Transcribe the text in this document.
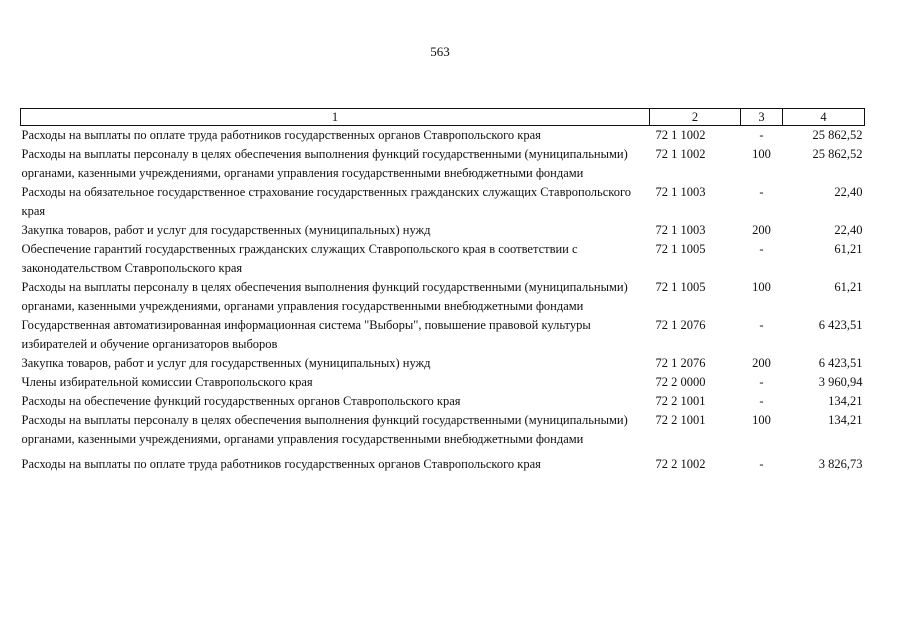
563
1	2	3	4
Расходы на выплаты по оплате труда работников государственных органов Ставропольского края	72 1 1002	-	25 862,52
Расходы на выплаты персоналу в целях обеспечения выполнения функций государственными (муниципальными) органами, казенными учреждениями, органами управления государственными внебюджетными фондами	72 1 1002	100	25 862,52
Расходы на обязательное государственное страхование государственных гражданских служащих Ставропольского края	72 1 1003	-	22,40
Закупка товаров, работ и услуг для государственных (муниципальных) нужд	72 1 1003	200	22,40
Обеспечение гарантий государственных гражданских служащих Ставропольского края в соответствии с законодательством Ставропольского края	72 1 1005	-	61,21
Расходы на выплаты персоналу в целях обеспечения выполнения функций государственными (муниципальными) органами, казенными учреждениями, органами управления государственными внебюджетными фондами	72 1 1005	100	61,21
Государственная автоматизированная информационная система "Выборы", повышение правовой культуры избирателей и обучение организаторов выборов	72 1 2076	-	6 423,51
Закупка товаров, работ и услуг для государственных (муниципальных) нужд	72 1 2076	200	6 423,51
Члены избирательной комиссии Ставропольского края	72 2 0000	-	3 960,94
Расходы на обеспечение функций государственных органов Ставропольского края	72 2 1001	-	134,21
Расходы на выплаты персоналу в целях обеспечения выполнения функций государственными (муниципальными) органами, казенными учреждениями, органами управления государственными внебюджетными фондами	72 2 1001	100	134,21
Расходы на выплаты по оплате труда работников государственных органов Ставропольского края	72 2 1002	-	3 826,73
